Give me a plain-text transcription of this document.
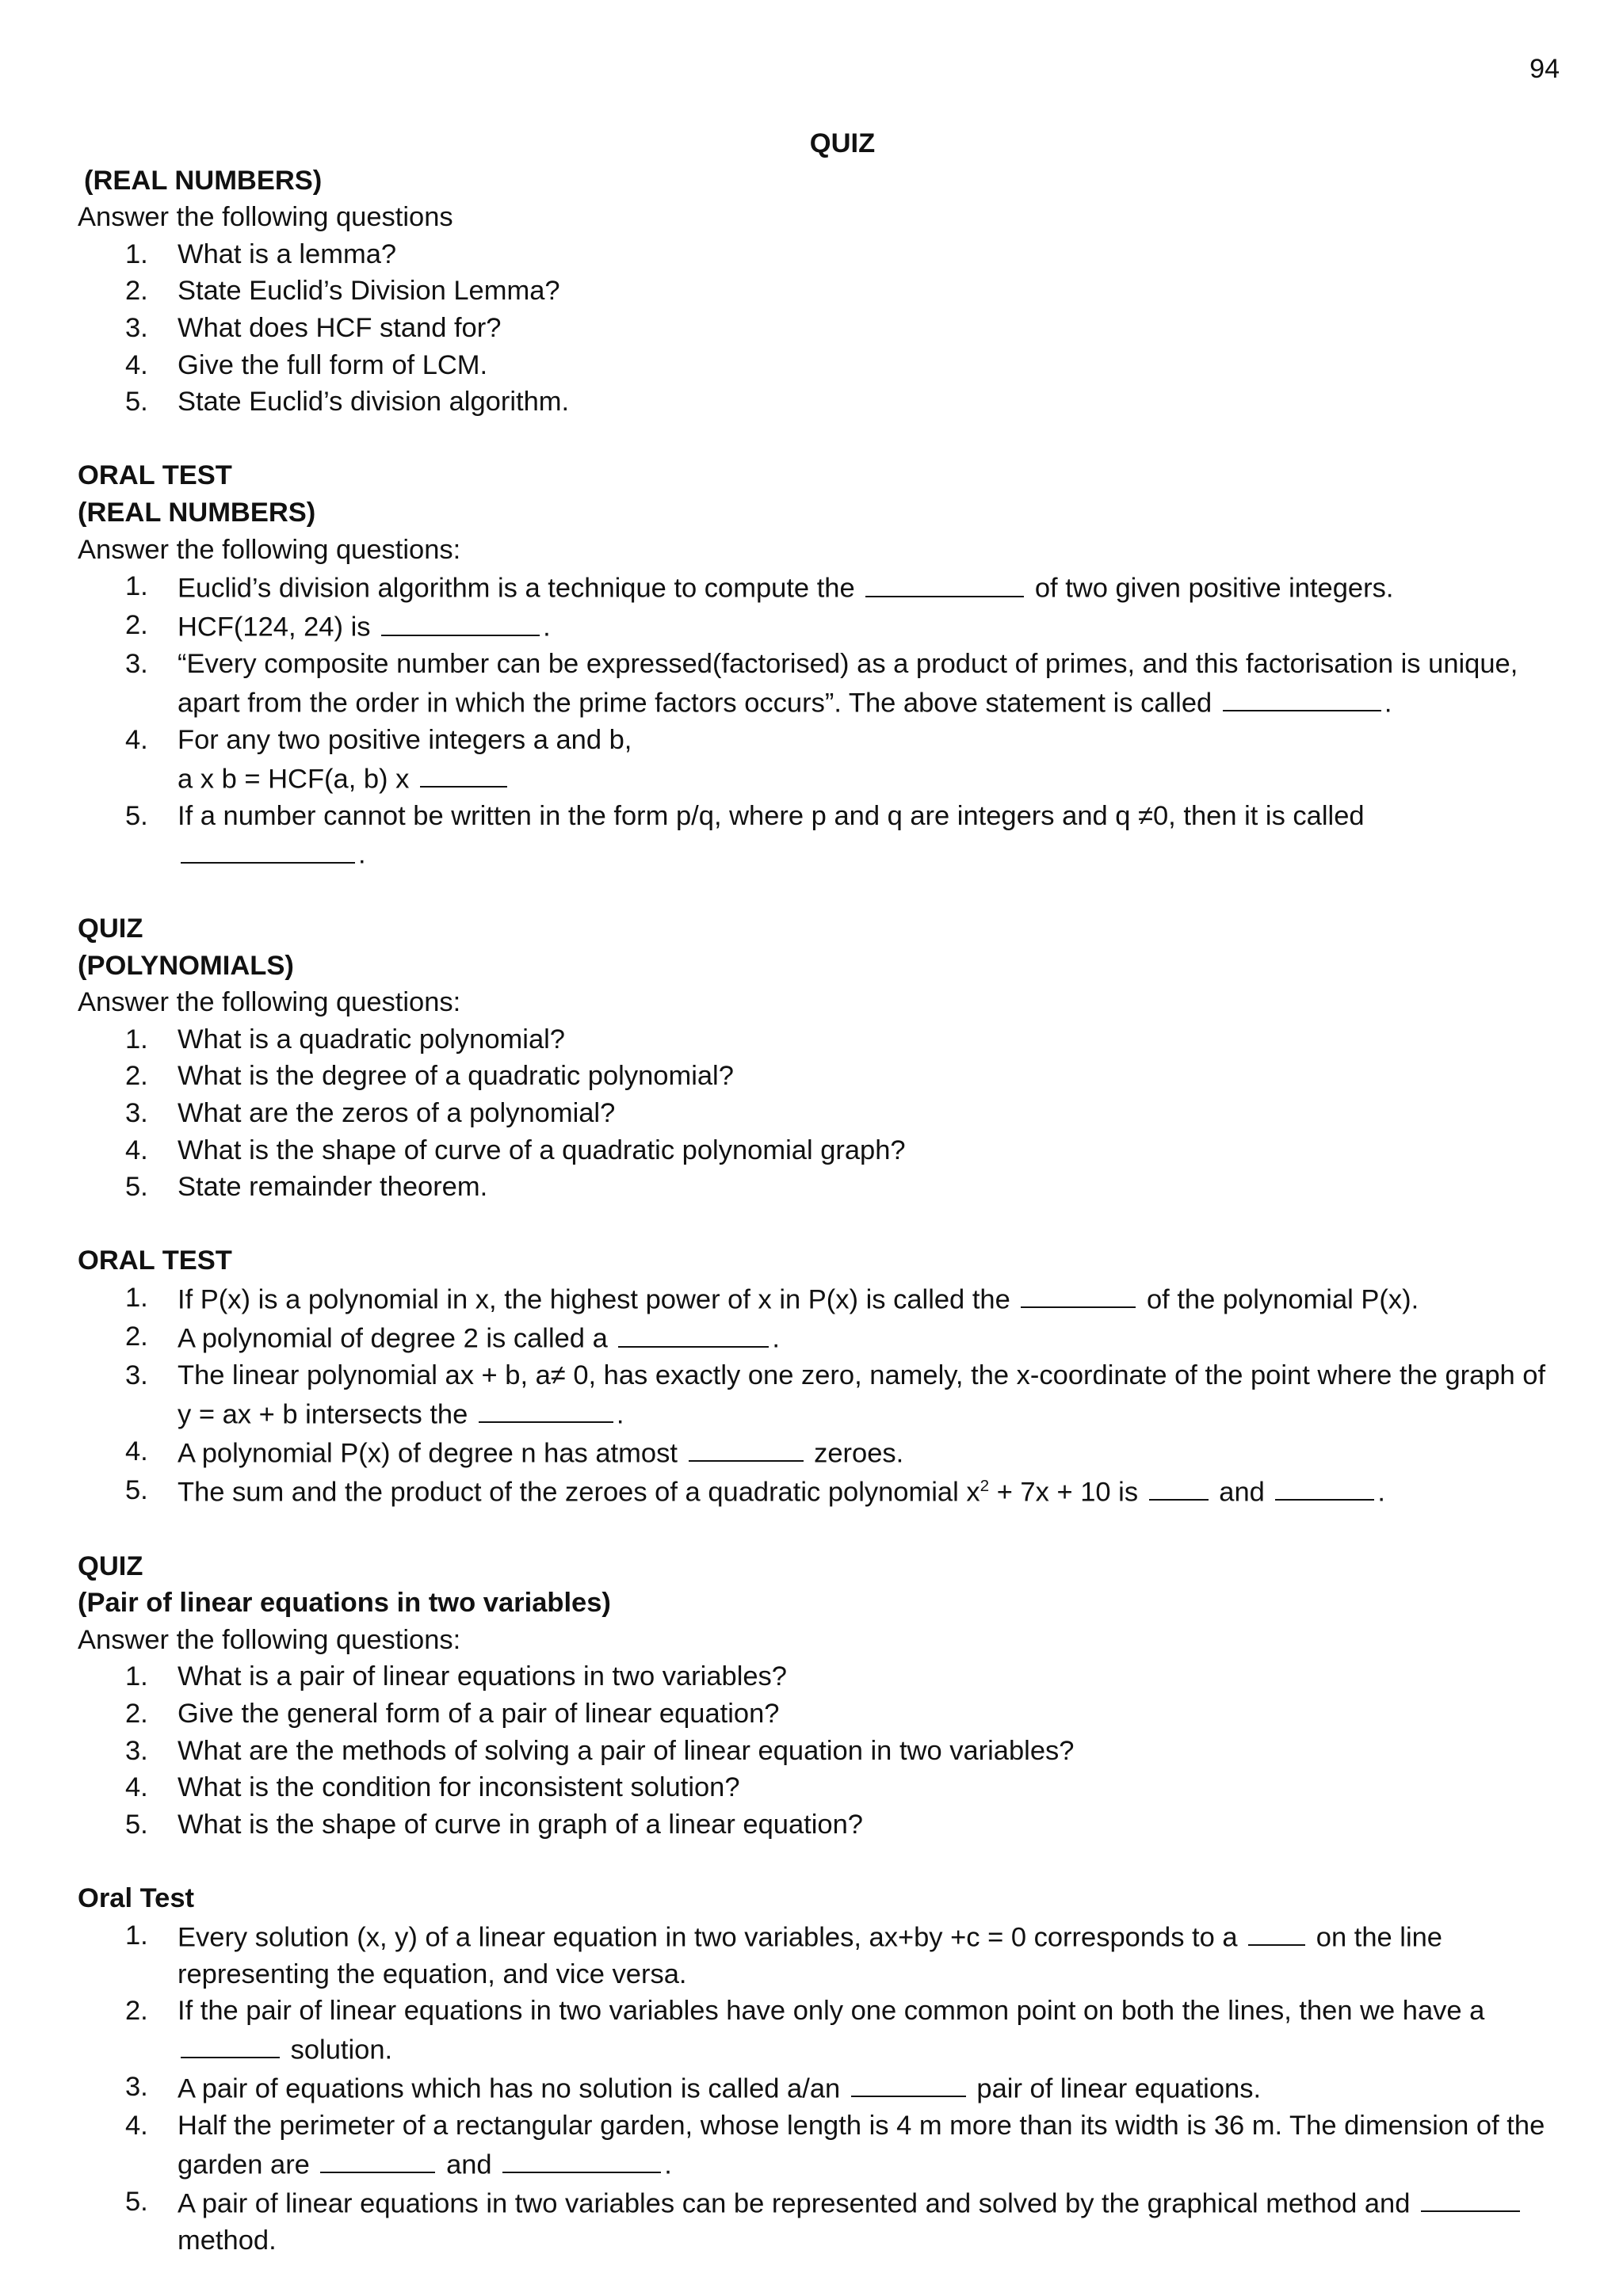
94

QUIZ

(REAL NUMBERS)

Answer the following questions

1.	What is a lemma?
2.	State Euclid’s Division Lemma?
3.	What does HCF stand for?
4.	Give the full form of LCM.
5.	State Euclid’s division algorithm.

ORAL TEST

(REAL NUMBERS)

Answer the following questions:

1.	Euclid’s division algorithm is a technique to compute the	of two given positive integers.
2.	HCF(124, 24) is	.
3.	“Every composite number can be expressed(factorised) as a product of primes, and this factorisation is unique, apart from the order in which the prime factors occurs”. The above statement is called	.
4.	For any two positive integers a and b,
a x b = HCF(a, b) x
5.	If a number cannot be written in the form p/q, where p and q are integers and q ≠0, then it is called
.

QUIZ

(POLYNOMIALS)

Answer the following questions:

1.	What is a quadratic polynomial?
2.	What is the degree of a quadratic polynomial?
3.	What are the zeros of a polynomial?
4.	What is the shape of curve of a quadratic polynomial graph?
5.	State remainder theorem.

ORAL TEST

1.	If P(x) is a polynomial in x, the highest power of x in P(x) is called the	of the polynomial P(x).
2.	A polynomial of degree 2 is called a	.
3.	The linear polynomial ax + b, a≠ 0, has exactly one zero, namely, the x-coordinate of the point where the graph of y = ax + b intersects the	.
4.	A polynomial P(x) of degree n has atmost	zeroes.
5.	The sum and the product of the zeroes of a quadratic polynomial $x^2 + 7x + 10$ is	and	.

QUIZ

(Pair of linear equations in two variables)

Answer the following questions:

1.	What is a pair of linear equations in two variables?
2.	Give the general form of a pair of linear equation?
3.	What are the methods of solving a pair of linear equation in two variables?
4.	What is the condition for inconsistent solution?
5.	What is the shape of curve in graph of a linear equation?

Oral Test

1.	Every solution (x, y) of a linear equation in two variables, ax+by +c = 0 corresponds to a	on the line representing the equation, and vice versa.
2.	If the pair of linear equations in two variables have only one common point on both the lines, then we have a  solution.
3.	A pair of equations which has no solution is called a/an	pair of linear equations.
4.	Half the perimeter of a rectangular garden, whose length is 4 m more than its width is 36 m. The dimension of the garden are	and	.
5.	A pair of linear equations in two variables can be represented and solved by the graphical method and  method.
